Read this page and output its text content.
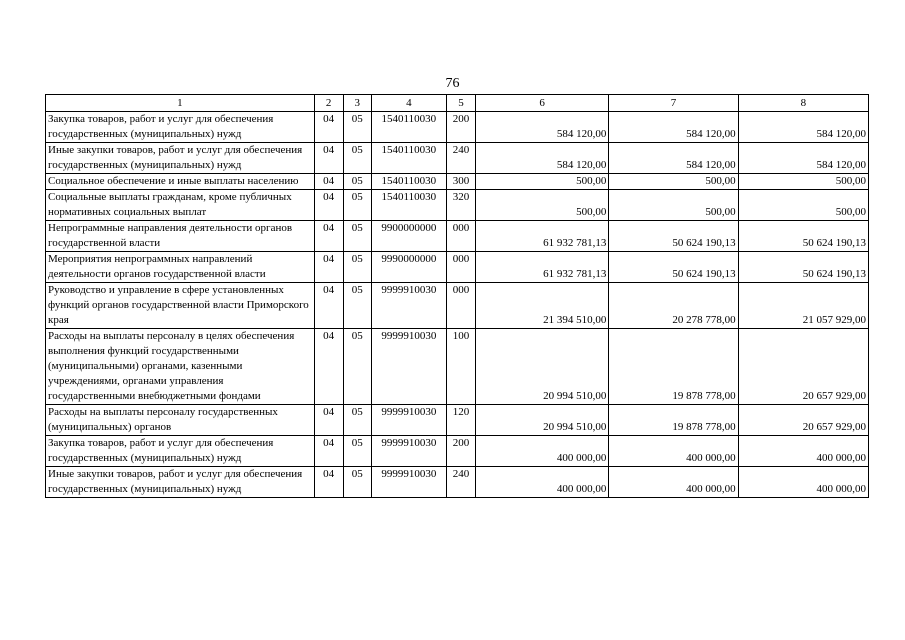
76
1	2	3	4	5	6	7	8
Закупка товаров, работ и услуг для обеспечения государственных (муниципальных) нужд	04	05	1540110030	200	584 120,00	584 120,00	584 120,00
Иные закупки товаров, работ и услуг для обеспечения государственных (муниципальных) нужд	04	05	1540110030	240	584 120,00	584 120,00	584 120,00
Социальное обеспечение и иные выплаты населению	04	05	1540110030	300	500,00	500,00	500,00
Социальные выплаты гражданам, кроме публичных нормативных социальных выплат	04	05	1540110030	320	500,00	500,00	500,00
Непрограммные направления деятельности органов государственной власти	04	05	9900000000	000	61 932 781,13	50 624 190,13	50 624 190,13
Мероприятия непрограммных направлений деятельности органов государственной власти	04	05	9990000000	000	61 932 781,13	50 624 190,13	50 624 190,13
Руководство и управление в сфере установленных функций органов государственной власти Приморского края	04	05	9999910030	000	21 394 510,00	20 278 778,00	21 057 929,00
Расходы на выплаты персоналу в целях обеспечения выполнения функций государственными (муниципальными) органами, казенными учреждениями, органами управления государственными внебюджетными фондами	04	05	9999910030	100	20 994 510,00	19 878 778,00	20 657 929,00
Расходы на выплаты персоналу государственных (муниципальных) органов	04	05	9999910030	120	20 994 510,00	19 878 778,00	20 657 929,00
Закупка товаров, работ и услуг для обеспечения государственных (муниципальных) нужд	04	05	9999910030	200	400 000,00	400 000,00	400 000,00
Иные закупки товаров, работ и услуг для обеспечения государственных (муниципальных) нужд	04	05	9999910030	240	400 000,00	400 000,00	400 000,00
